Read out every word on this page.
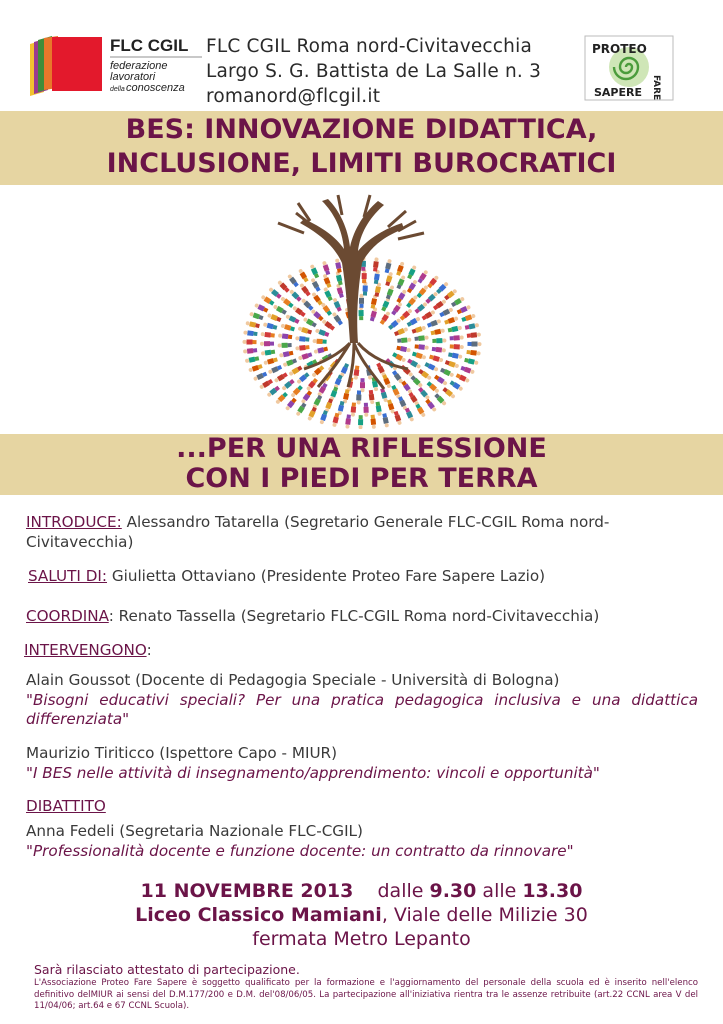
FLC CGIL
federazione
lavoratori
della conoscenza
FLC CGIL Roma nord-Civitavecchia
Largo S. G. Battista de La Salle n. 3
romanord@flcgil.it
PROTEO
FARE
SAPERE
BES: INNOVAZIONE DIDATTICA,
INCLUSIONE, LIMITI BUROCRATICI
...PER UNA RIFLESSIONE
CON I PIEDI PER TERRA
INTRODUCE: Alessandro Tatarella (Segretario Generale FLC-CGIL Roma nord-Civitavecchia)
SALUTI DI: Giulietta Ottaviano (Presidente Proteo Fare Sapere Lazio)
COORDINA: Renato Tassella (Segretario FLC-CGIL Roma nord-Civitavecchia)
INTERVENGONO:
Alain Goussot (Docente di Pedagogia Speciale - Università di Bologna)
"Bisogni educativi speciali? Per una pratica pedagogica inclusiva e una didattica differenziata"
Maurizio Tiriticco (Ispettore Capo - MIUR)
"I BES nelle attività di insegnamento/apprendimento: vincoli e opportunità"
DIBATTITO
Anna Fedeli (Segretaria Nazionale FLC-CGIL)
"Professionalità docente e funzione docente: un contratto da rinnovare"
11 NOVEMBRE 2013 dalle 9.30 alle 13.30
Liceo Classico Mamiani, Viale delle Milizie 30
fermata Metro Lepanto
Sarà rilasciato attestato di partecipazione.
L'Associazione Proteo Fare Sapere è soggetto qualificato per la formazione e l'aggiornamento del personale della scuola ed è inserito nell'elenco definitivo delMIUR ai sensi del D.M.177/200 e D.M. del'08/06/05. La partecipazione all'iniziativa rientra tra le assenze retribuite (art.22 CCNL area V del 11/04/06; art.64 e 67 CCNL Scuola).
